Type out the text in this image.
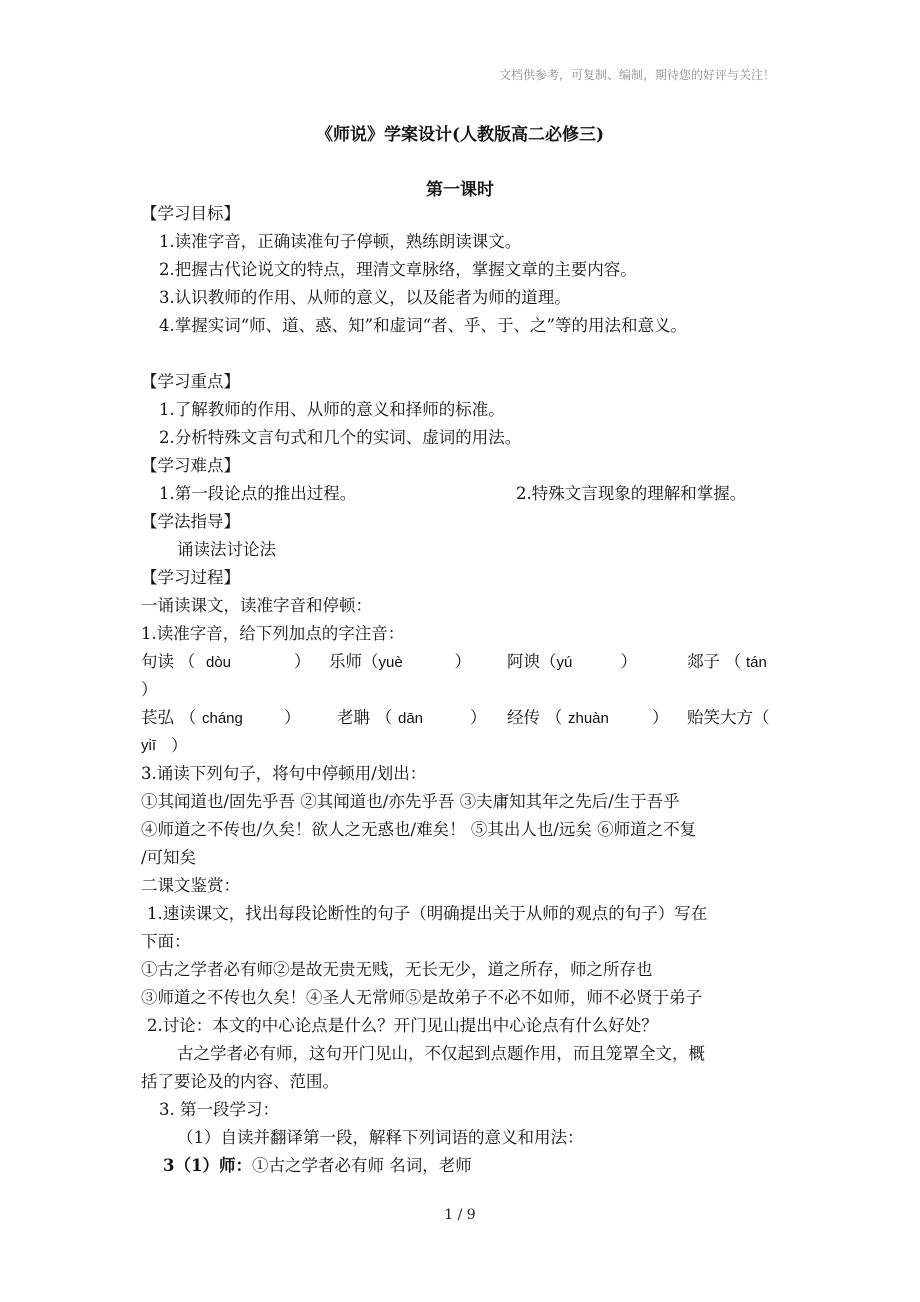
文档供参考，可复制、编制，期待您的好评与关注！
《师说》学案设计(人教版高二必修三)
第一课时
【学习目标】
1.读准字音，正确读准句子停顿，熟练朗读课文。
2.把握古代论说文的特点，理清文章脉络，掌握文章的主要内容。
3.认识教师的作用、从师的意义，以及能者为师的道理。
4.掌握实词“师、道、惑、知”和虚词“者、乎、于、之”等的用法和意义。
【学习重点】
1.了解教师的作用、从师的意义和择师的标准。
2.分析特殊文言句式和几个的实词、虚词的用法。
【学习难点】
1.第一段论点的推出过程。	2.特殊文言现象的理解和掌握。
【学法指导】
诵读法讨论法
【学习过程】
一诵读课文，读准字音和停顿：
1.读准字音，给下列加点的字注音：
句读 （ dòu	）	乐师（yuè	）	阿谀（yú	）	郯子 （ tán
）
苌弘 （ cháng ）	老聃 （ dān	）	经传 （ zhuàn	）	贻笑大方（
yiī ）
3.诵读下列句子，将句中停顿用/划出：
①其闻道也/固先乎吾 ②其闻道也/亦先乎吾 ③夫庸知其年之先后/生于吾乎
④师道之不传也/久矣！欲人之无惑也/难矣！ ⑤其出人也/远矣 ⑥师道之不复
/可知矣
二课文鉴赏：
1.速读课文，找出每段论断性的句子（明确提出关于从师的观点的句子）写在
下面：
①古之学者必有师②是故无贵无贱，无长无少，道之所存，师之所存也
③师道之不传也久矣！④圣人无常师⑤是故弟子不必不如师，师不必贤于弟子
2.讨论：本文的中心论点是什么？开门见山提出中心论点有什么好处？
古之学者必有师，这句开门见山，不仅起到点题作用，而且笼罩全文，概
括了要论及的内容、范围。
3. 第一段学习：
（1）自读并翻译第一段，解释下列词语的意义和用法：
3（1）师：①古之学者必有师 名词，老师
1 / 9
